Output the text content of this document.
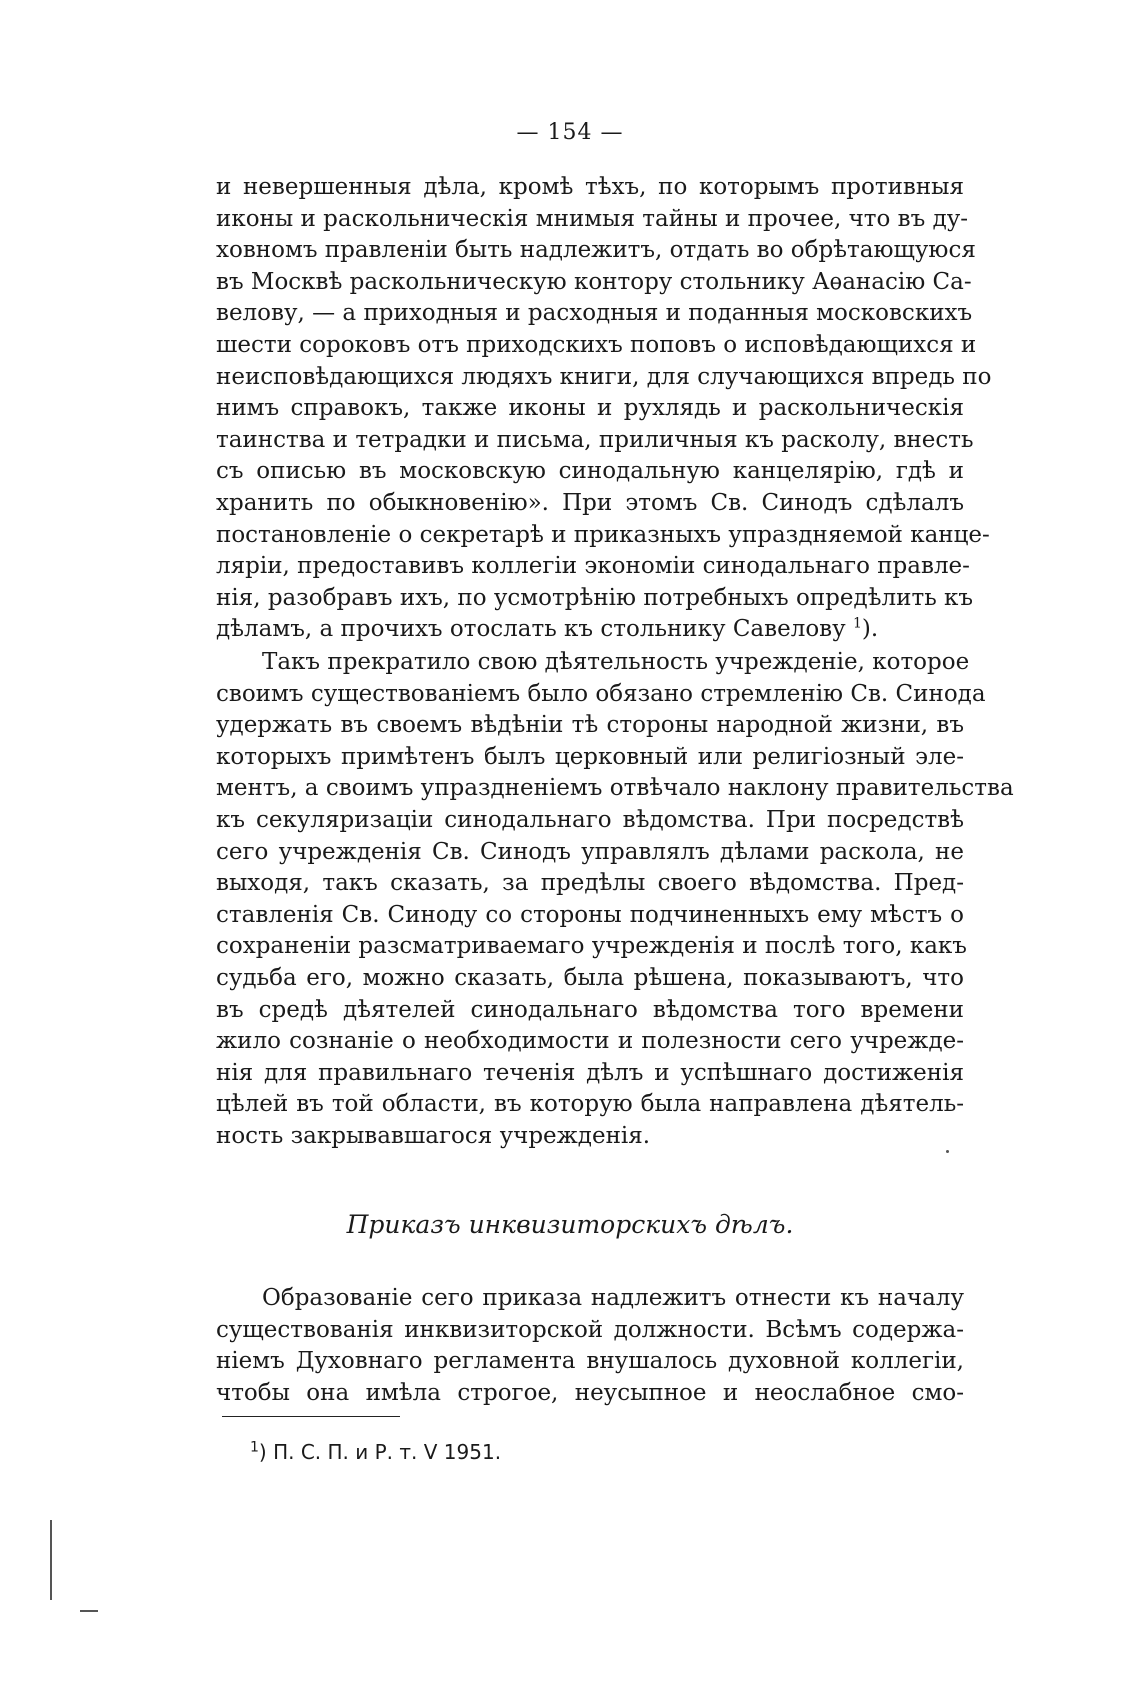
— 154 —
и невершенныя дѣла, кромѣ тѣхъ, по которымъ противныя
иконы и раскольническія мнимыя тайны и прочее, что въ ду-
ховномъ правленіи быть надлежитъ, отдать во обрѣтающуюся
въ Москвѣ раскольническую контору стольнику Аѳанасію Са-
велову, — а приходныя и расходныя и поданныя московскихъ
шести сороковъ отъ приходскихъ поповъ о исповѣдающихся и
неисповѣдающихся людяхъ книги, для случающихся впредь по
нимъ справокъ, также иконы и рухлядь и раскольническія
таинства и тетрадки и письма, приличныя къ расколу, внесть
съ описью въ московскую синодальную канцелярію, гдѣ и
хранить по обыкновенію». При этомъ Св. Синодъ сдѣлалъ
постановленіе о секретарѣ и приказныхъ упраздняемой канце-
ляріи, предоставивъ коллегіи экономіи синодальнаго правле-
нія, разобравъ ихъ, по усмотрѣнію потребныхъ опредѣлить къ
дѣламъ, а прочихъ отослать къ стольнику Савелову $^1$).
Такъ прекратило свою дѣятельность учрежденіе, которое
своимъ существованіемъ было обязано стремленію Св. Синода
удержать въ своемъ вѣдѣніи тѣ стороны народной жизни, въ
которыхъ примѣтенъ былъ церковный или религіозный эле-
ментъ, а своимъ упраздненіемъ отвѣчало наклону правительства
къ секуляризаціи синодальнаго вѣдомства. При посредствѣ
сего учрежденія Св. Синодъ управлялъ дѣлами раскола, не
выходя, такъ сказать, за предѣлы своего вѣдомства. Пред-
ставленія Св. Синоду со стороны подчиненныхъ ему мѣстъ о
сохраненіи разсматриваемаго учрежденія и послѣ того, какъ
судьба его, можно сказать, была рѣшена, показываютъ, что
въ средѣ дѣятелей синодальнаго вѣдомства того времени
жило сознаніе о необходимости и полезности сего учрежде-
нія для правильнаго теченія дѣлъ и успѣшнаго достиженія
цѣлей въ той области, въ которую была направлена дѣятель-
ность закрывавшагося учрежденія.
Приказъ инквизиторскихъ дѣлъ.
Образованіе сего приказа надлежитъ отнести къ началу
существованія инквизиторской должности. Всѣмъ содержа-
ніемъ Духовнаго регламента внушалось духовной коллегіи,
чтобы она имѣла строгое, неусыпное и неослабное смо-
$^1$) П. С. П. и Р. т. V 1951.
